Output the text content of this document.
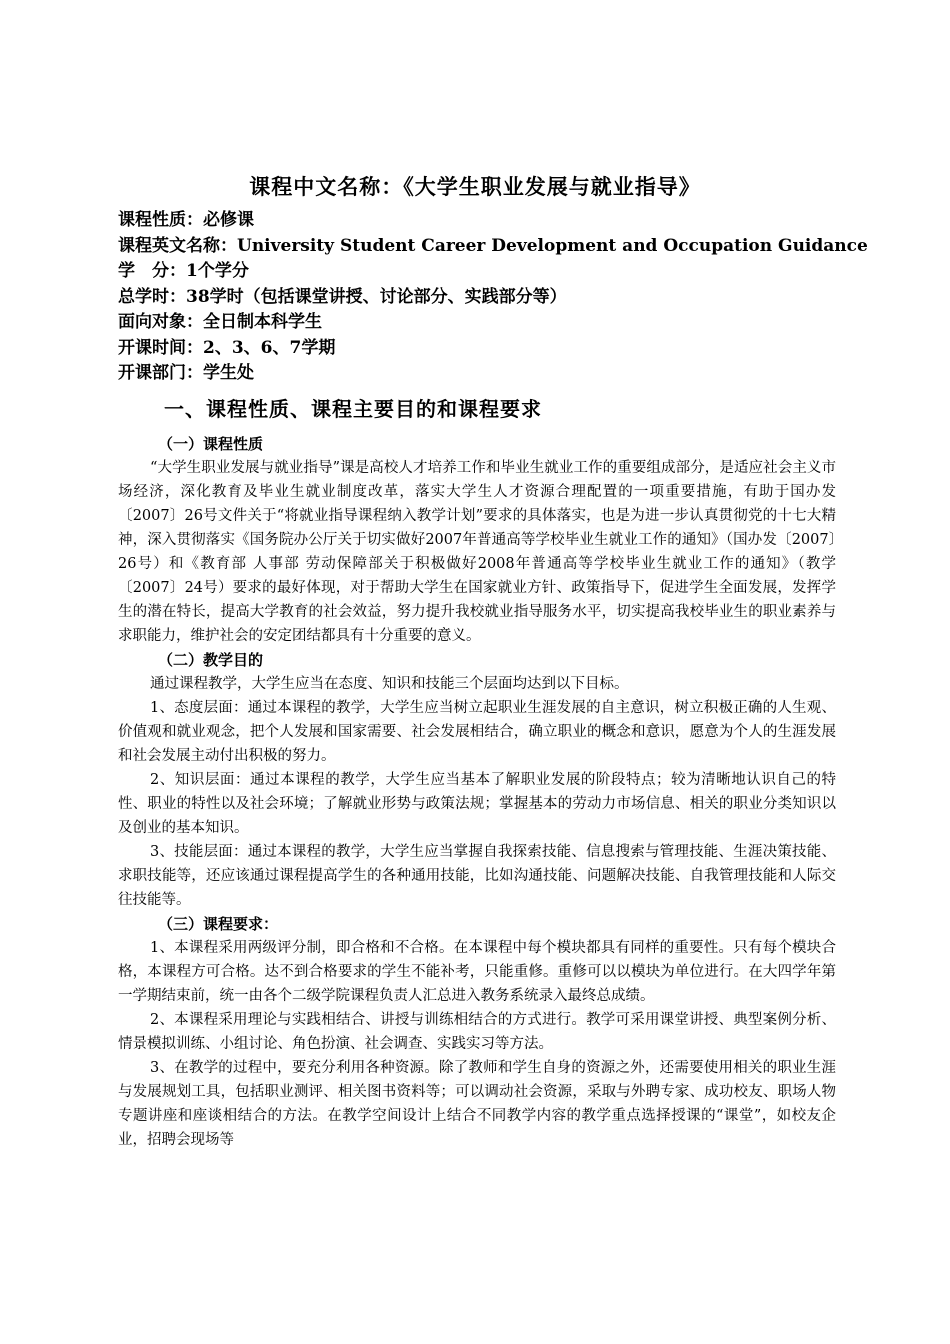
课程中文名称：《大学生职业发展与就业指导》
课程性质：必修课
课程英文名称：University Student Career Development and Occupation Guidance
学　分：1个学分
总学时：38学时（包括课堂讲授、讨论部分、实践部分等）
面向对象：全日制本科学生
开课时间：2、3、6、7学期
开课部门：学生处
一、课程性质、课程主要目的和课程要求

（一）课程性质

“大学生职业发展与就业指导”课是高校人才培养工作和毕业生就业工作的重要组成部分，是适应社会主义市场经济，深化教育及毕业生就业制度改革，落实大学生人才资源合理配置的一项重要措施，有助于国办发〔2007〕26号文件关于“将就业指导课程纳入教学计划”要求的具体落实，也是为进一步认真贯彻党的十七大精神，深入贯彻落实《国务院办公厅关于切实做好2007年普通高等学校毕业生就业工作的通知》（国办发〔2007〕26号）和《教育部 人事部 劳动保障部关于积极做好2008年普通高等学校毕业生就业工作的通知》（教学〔2007〕24号）要求的最好体现，对于帮助大学生在国家就业方针、政策指导下，促进学生全面发展，发挥学生的潜在特长，提高大学教育的社会效益，努力提升我校就业指导服务水平，切实提高我校毕业生的职业素养与求职能力，维护社会的安定团结都具有十分重要的意义。

（二）教学目的

通过课程教学，大学生应当在态度、知识和技能三个层面均达到以下目标。

1、态度层面：通过本课程的教学，大学生应当树立起职业生涯发展的自主意识，树立积极正确的人生观、价值观和就业观念，把个人发展和国家需要、社会发展相结合，确立职业的概念和意识，愿意为个人的生涯发展和社会发展主动付出积极的努力。

2、知识层面：通过本课程的教学，大学生应当基本了解职业发展的阶段特点；较为清晰地认识自己的特性、职业的特性以及社会环境；了解就业形势与政策法规；掌握基本的劳动力市场信息、相关的职业分类知识以及创业的基本知识。

3、技能层面：通过本课程的教学，大学生应当掌握自我探索技能、信息搜索与管理技能、生涯决策技能、求职技能等，还应该通过课程提高学生的各种通用技能，比如沟通技能、问题解决技能、自我管理技能和人际交往技能等。

（三）课程要求：

1、本课程采用两级评分制，即合格和不合格。在本课程中每个模块都具有同样的重要性。只有每个模块合格，本课程方可合格。达不到合格要求的学生不能补考，只能重修。重修可以以模块为单位进行。在大四学年第一学期结束前，统一由各个二级学院课程负责人汇总进入教务系统录入最终总成绩。

2、本课程采用理论与实践相结合、讲授与训练相结合的方式进行。教学可采用课堂讲授、典型案例分析、情景模拟训练、小组讨论、角色扮演、社会调查、实践实习等方法。

3、在教学的过程中，要充分利用各种资源。除了教师和学生自身的资源之外，还需要使用相关的职业生涯与发展规划工具，包括职业测评、相关图书资料等；可以调动社会资源，采取与外聘专家、成功校友、职场人物专题讲座和座谈相结合的方法。在教学空间设计上结合不同教学内容的教学重点选择授课的“课堂”，如校友企业，招聘会现场等
